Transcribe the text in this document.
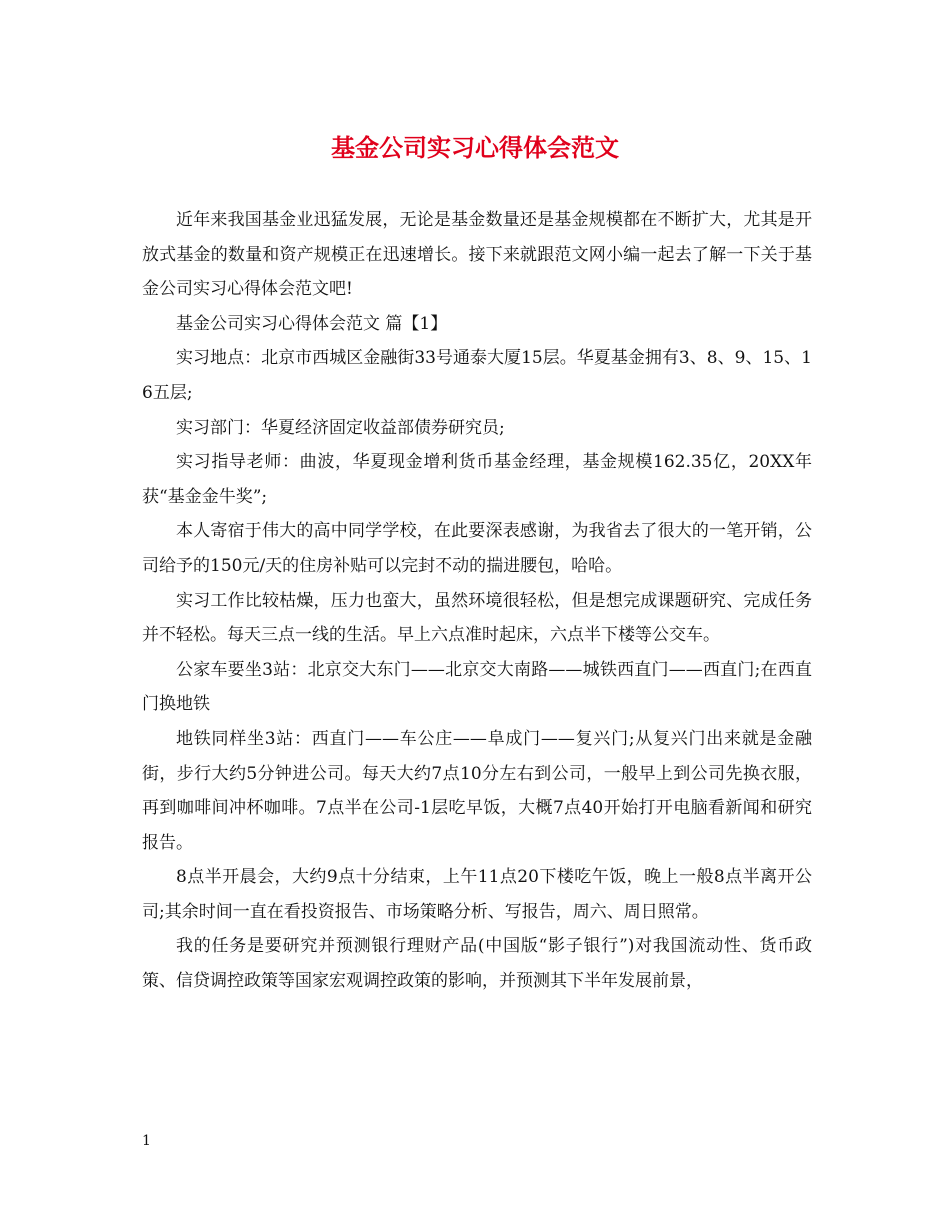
基金公司实习心得体会范文

近年来我国基金业迅猛发展，无论是基金数量还是基金规模都在不断扩大，尤其是开放式基金的数量和资产规模正在迅速增长。接下来就跟范文网小编一起去了解一下关于基金公司实习心得体会范文吧!

基金公司实习心得体会范文 篇【1】

实习地点：北京市西城区金融街33号通泰大厦15层。华夏基金拥有3、8、9、15、16五层;

实习部门：华夏经济固定收益部债券研究员;

实习指导老师：曲波，华夏现金增利货币基金经理，基金规模162.35亿，20XX年获“基金金牛奖”;

本人寄宿于伟大的高中同学学校，在此要深表感谢，为我省去了很大的一笔开销，公司给予的150元/天的住房补贴可以完封不动的揣进腰包，哈哈。

实习工作比较枯燥，压力也蛮大，虽然环境很轻松，但是想完成课题研究、完成任务并不轻松。每天三点一线的生活。早上六点准时起床，六点半下楼等公交车。

公家车要坐3站：北京交大东门——北京交大南路——城铁西直门——西直门;在西直门换地铁

地铁同样坐3站：西直门——车公庄——阜成门——复兴门;从复兴门出来就是金融街，步行大约5分钟进公司。每天大约7点10分左右到公司，一般早上到公司先换衣服，再到咖啡间冲杯咖啡。7点半在公司-1层吃早饭，大概7点40开始打开电脑看新闻和研究报告。

8点半开晨会，大约9点十分结束，上午11点20下楼吃午饭，晚上一般8点半离开公司;其余时间一直在看投资报告、市场策略分析、写报告，周六、周日照常。

我的任务是要研究并预测银行理财产品(中国版“影子银行”)对我国流动性、货币政策、信贷调控政策等国家宏观调控政策的影响，并预测其下半年发展前景，

1
